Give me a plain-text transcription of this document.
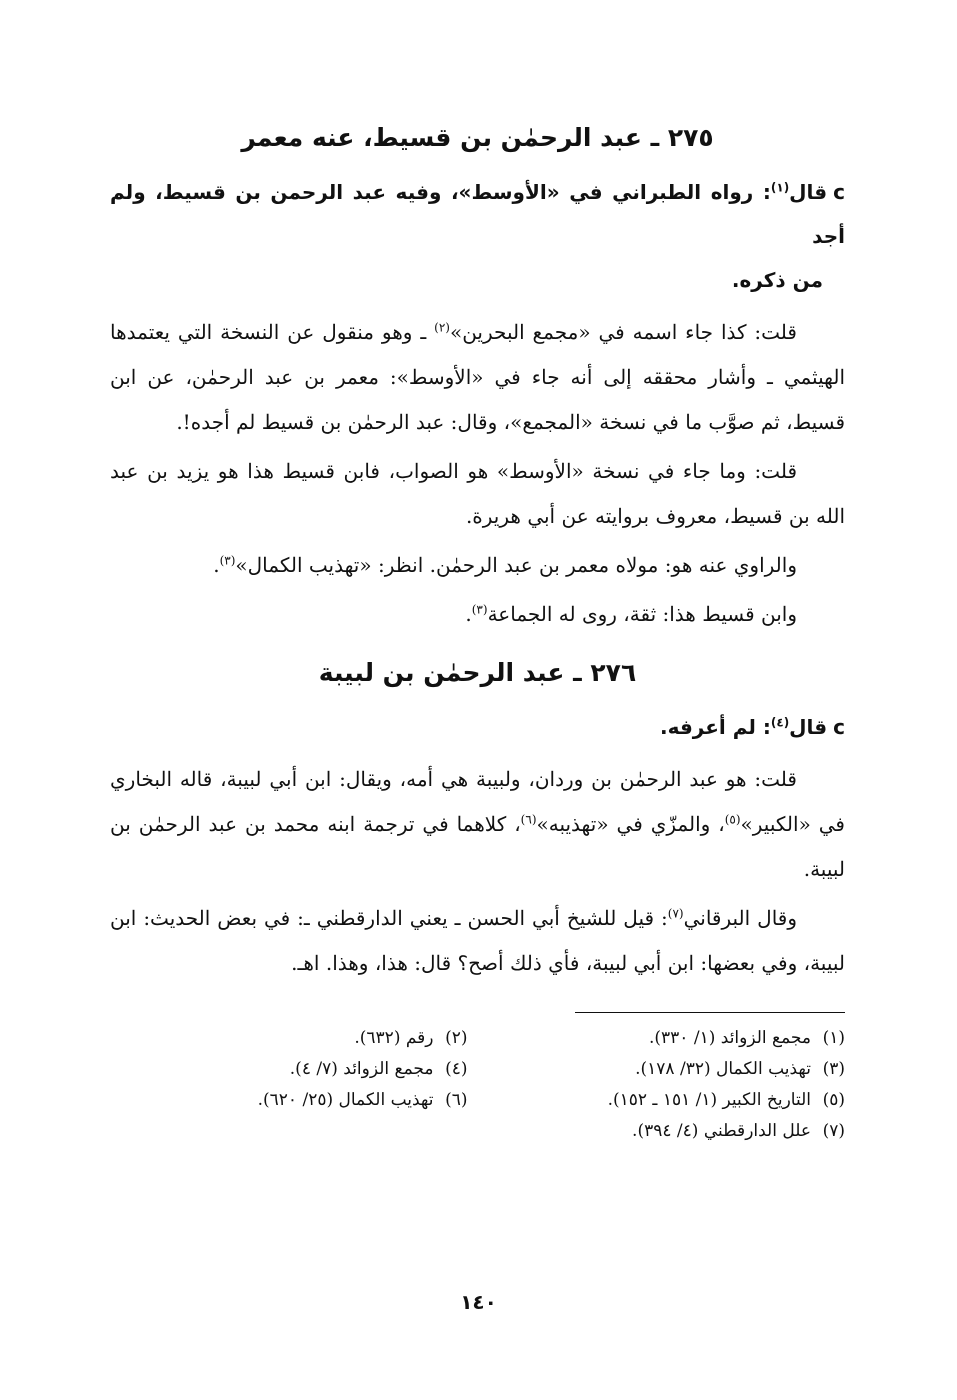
٢٧٥ ـ عبد الرحمٰن بن قسيط، عنه معمر

cقال$^{(١)}$: رواه الطبراني في «الأوسط»، وفيه عبد الرحمن بن قسيط، ولم أجد
من ذكره.

قلت: كذا جاء اسمه في «مجمع البحرين»$^{(٢)}$ ـ وهو منقول عن النسخة التي يعتمدها الهيثمي ـ وأشار محققه إلى أنه جاء في «الأوسط»: معمر بن عبد الرحمٰن، عن ابن قسيط، ثم صوَّب ما في نسخة «المجمع»، وقال: عبد الرحمٰن بن قسيط لم أجده!.

قلت: وما جاء في نسخة «الأوسط» هو الصواب، فابن قسيط هذا هو يزيد بن عبد الله بن قسيط، معروف بروايته عن أبي هريرة.

والراوي عنه هو: مولاه معمر بن عبد الرحمٰن. انظر: «تهذيب الكمال»$^{(٣)}$.

وابن قسيط هذا: ثقة، روى له الجماعة$^{(٣)}$.

٢٧٦ ـ عبد الرحمٰن بن لبيبة

cقال$^{(٤)}$: لم أعرفه.

قلت: هو عبد الرحمٰن بن وردان، ولبيبة هي أمه، ويقال: ابن أبي لبيبة، قاله البخاري في «الكبير»$^{(٥)}$، والمزّي في «تهذيبه»$^{(٦)}$، كلاهما في ترجمة ابنه محمد بن عبد الرحمٰن بن لبيبة.

وقال البرقاني$^{(٧)}$: قيل للشيخ أبي الحسن ـ يعني الدارقطني ـ: في بعض الحديث: ابن لبيبة، وفي بعضها: ابن أبي لبيبة، فأي ذلك أصح؟ قال: هذا، وهذا. اهـ.

(١)مجمع الزوائد (١/ ٣٣٠).
(٢)رقم (٦٣٢).
(٣)تهذيب الكمال (٣٢/ ١٧٨).
(٤)مجمع الزوائد (٧/ ٤).
(٥)التاريخ الكبير (١/ ١٥١ ـ ١٥٢).
(٦)تهذيب الكمال (٢٥/ ٦٢٠).
(٧)علل الدارقطني (٤/ ٣٩٤).
١٤٠
